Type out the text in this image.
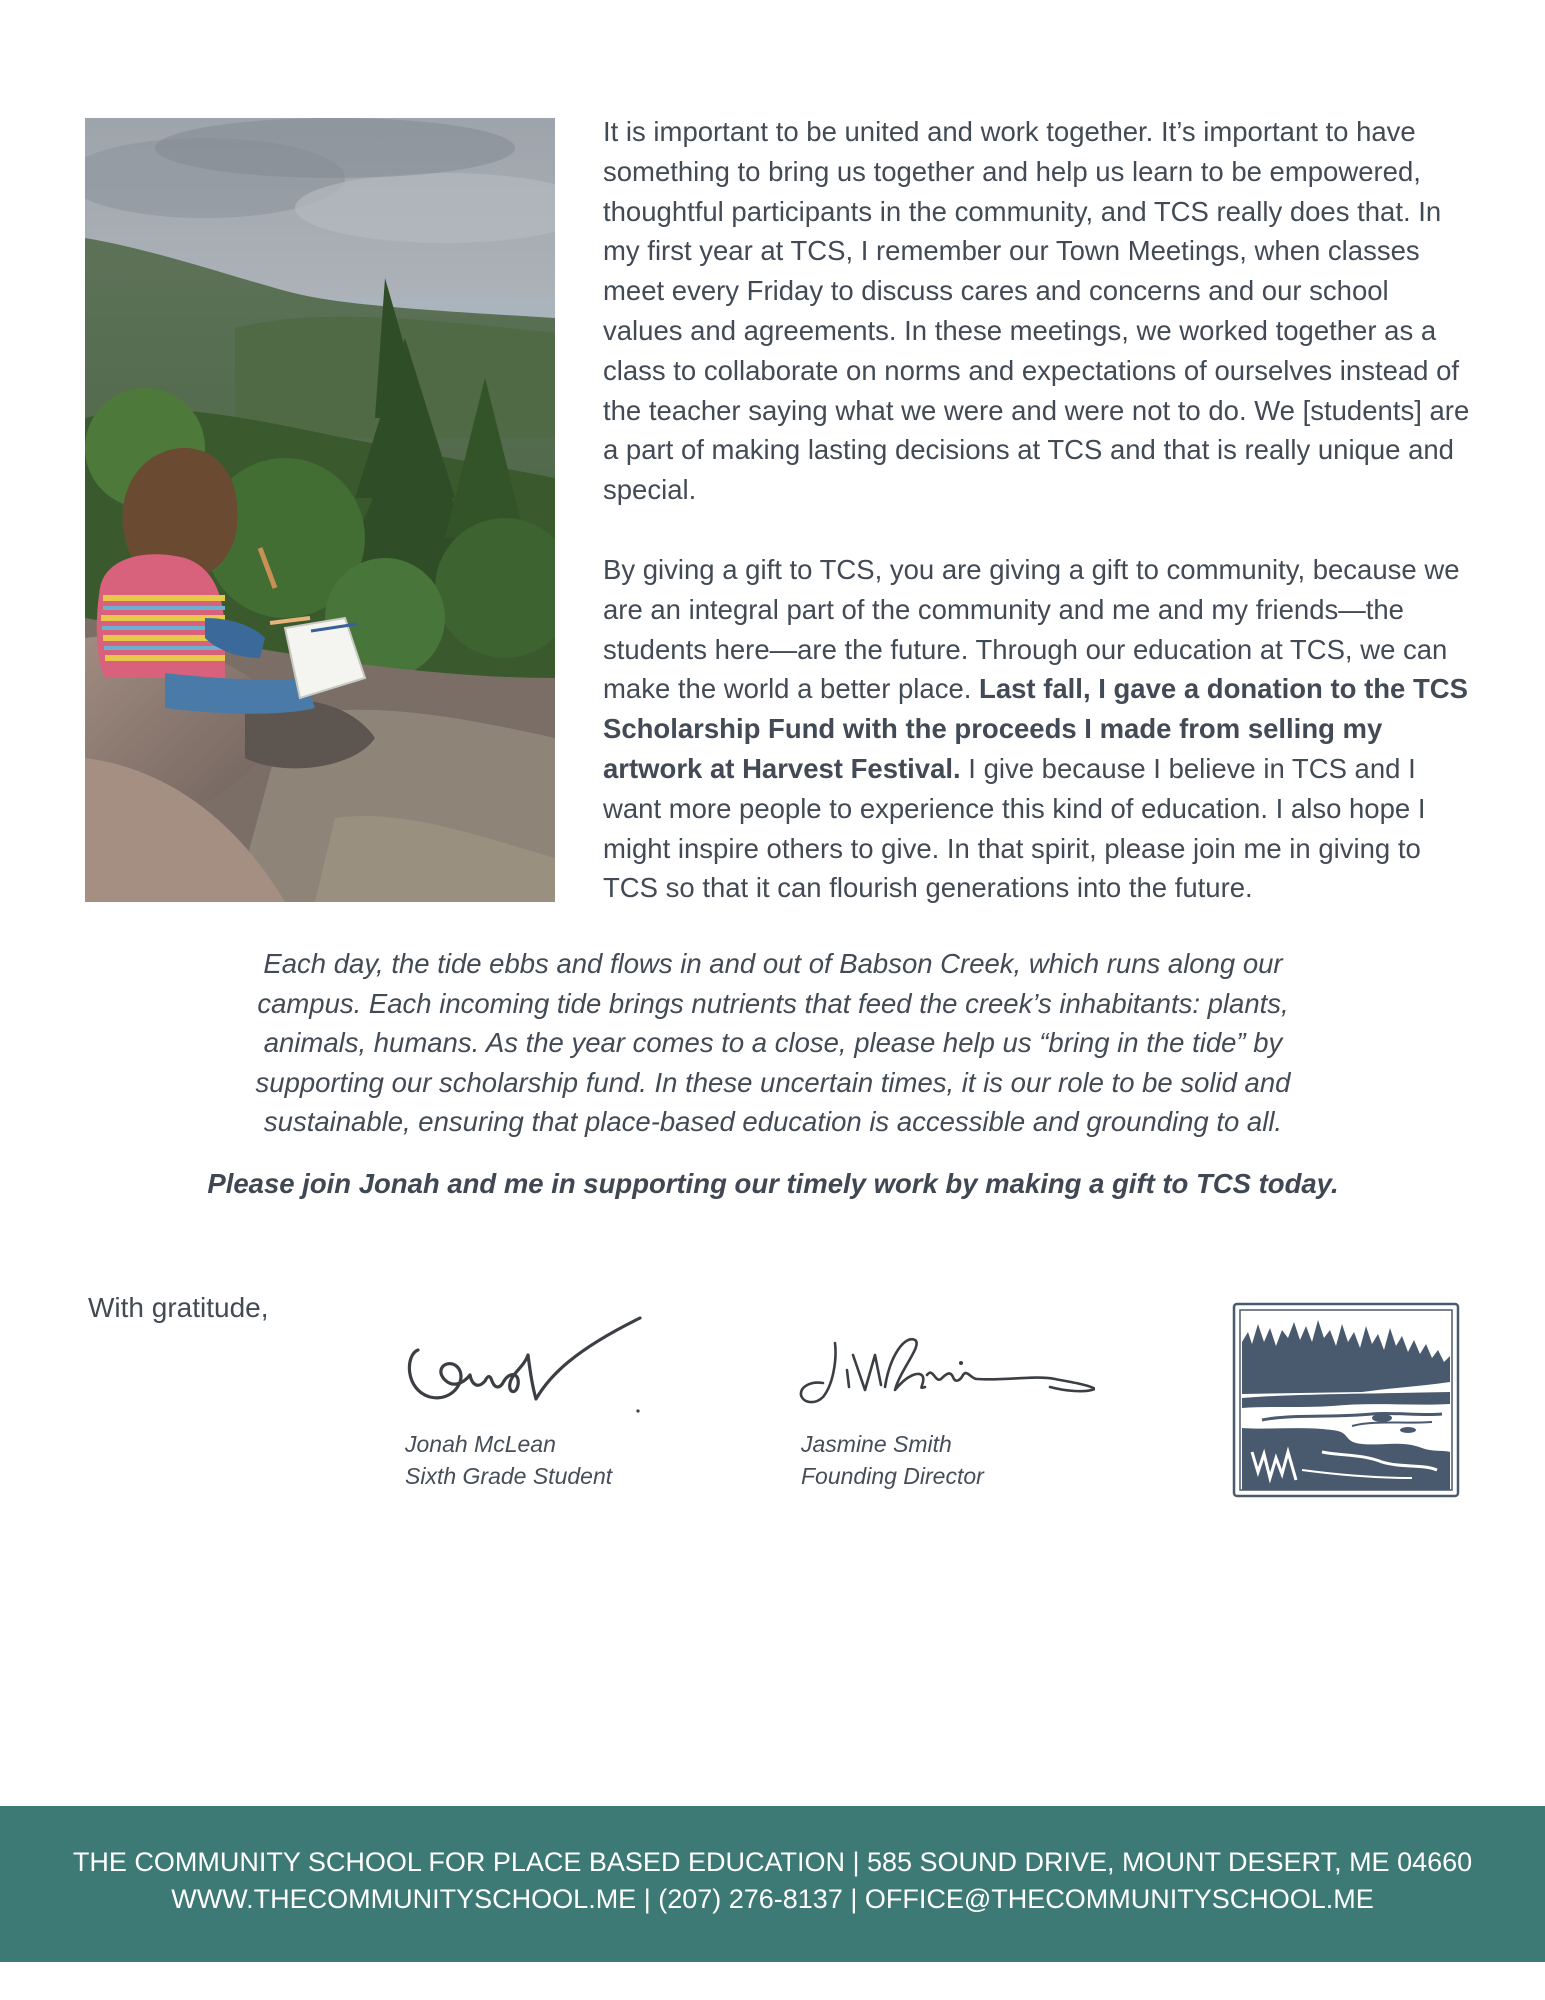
It is important to be united and work together. It’s important to have something to bring us together and help us learn to be empowered, thoughtful participants in the community, and TCS really does that. In my first year at TCS, I remember our Town Meetings, when classes meet every Friday to discuss cares and concerns and our school values and agreements. In these meetings, we worked together as a class to collaborate on norms and expectations of ourselves instead of the teacher saying what we were and were not to do. We [students] are a part of making lasting decisions at TCS and that is really unique and special.

By giving a gift to TCS, you are giving a gift to community, because we are an integral part of the community and me and my friends—the students here—are the future. Through our education at TCS, we can make the world a better place. Last fall, I gave a donation to the TCS Scholarship Fund with the proceeds I made from selling my artwork at Harvest Festival. I give because I believe in TCS and I want more people to experience this kind of education. I also hope I might inspire others to give. In that spirit, please join me in giving to TCS so that it can flourish generations into the future.

Each day, the tide ebbs and flows in and out of Babson Creek, which runs along our campus. Each incoming tide brings nutrients that feed the creek’s inhabitants: plants, animals, humans. As the year comes to a close, please help us “bring in the tide” by supporting our scholarship fund. In these uncertain times, it is our role to be solid and sustainable, ensuring that place-based education is accessible and grounding to all.

Please join Jonah and me in supporting our timely work by making a gift to TCS today.

With gratitude,
Jonah McLean
Sixth Grade Student
Jasmine Smith
Founding Director
THE COMMUNITY SCHOOL FOR PLACE BASED EDUCATION | 585 SOUND DRIVE, MOUNT DESERT, ME 04660
WWW.THECOMMUNITYSCHOOL.ME | (207) 276-8137 | OFFICE@THECOMMUNITYSCHOOL.ME
